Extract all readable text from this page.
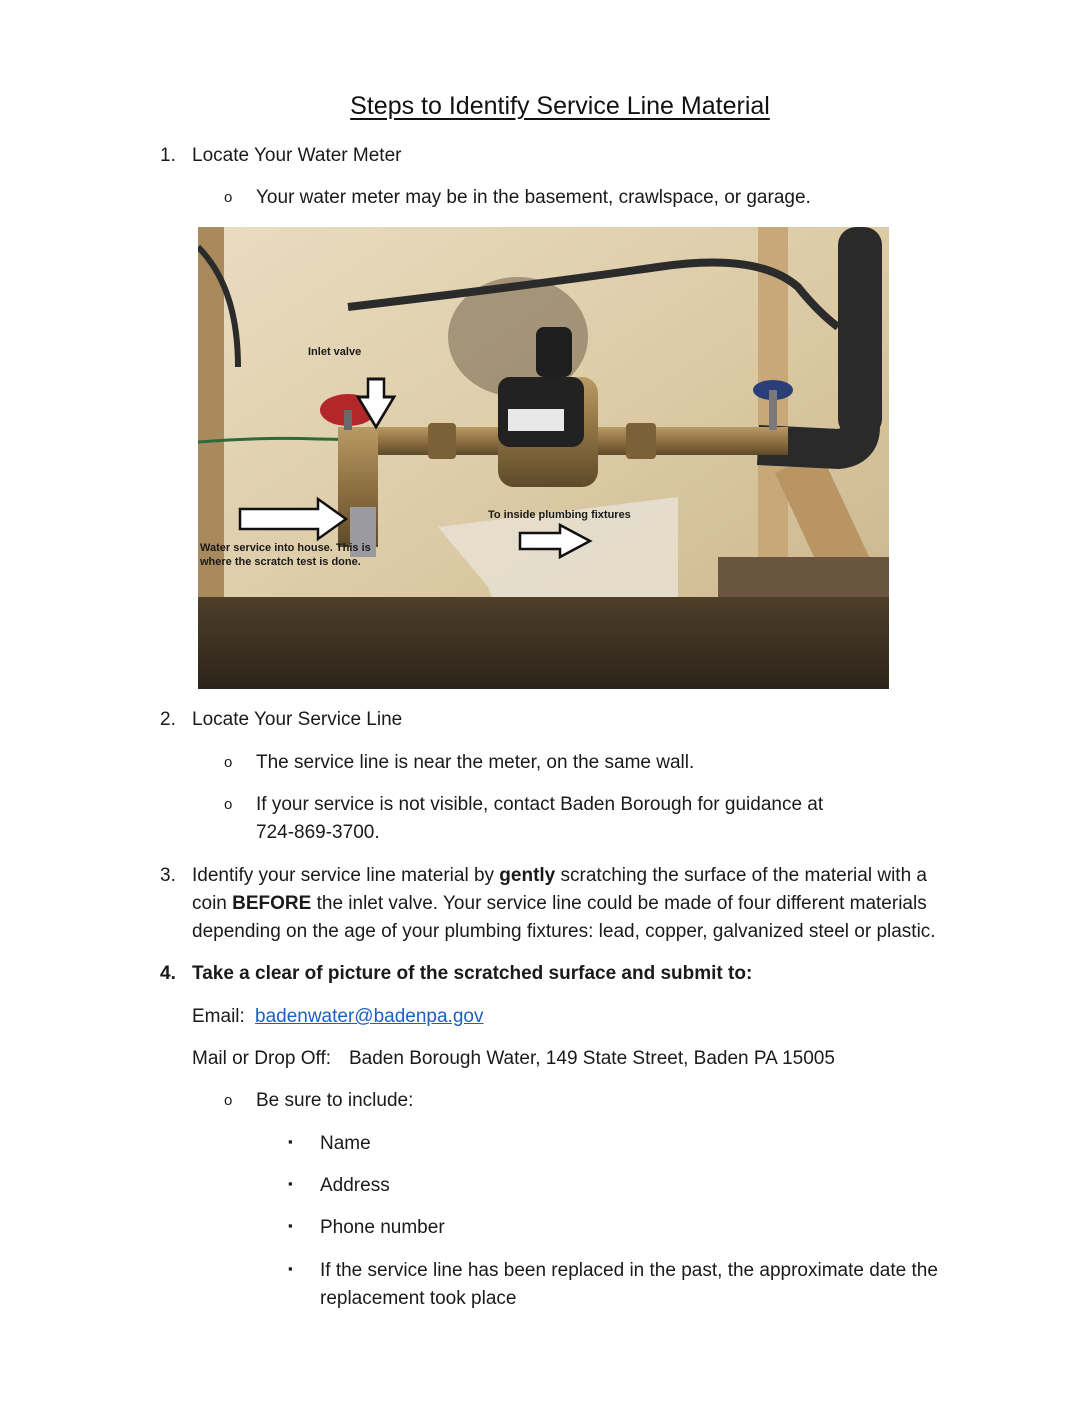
Steps to Identify Service Line Material
1. Locate Your Water Meter
o Your water meter may be in the basement, crawlspace, or garage.
Inlet valve
Water service into house. This is
where the scratch test is done.
To inside plumbing fixtures
2. Locate Your Service Line
o The service line is near the meter, on the same wall.
o If your service is not visible, contact Baden Borough for guidance at
724-869-3700.
3. Identify your service line material by gently scratching the surface of the material with a
coin BEFORE the inlet valve. Your service line could be made of four different materials
depending on the age of your plumbing fixtures: lead, copper, galvanized steel or plastic.
4. Take a clear of picture of the scratched surface and submit to:
Email: badenwater@badenpa.gov
Mail or Drop Off: Baden Borough Water, 149 State Street, Baden PA 15005
o Be sure to include:
▪ Name
▪ Address
▪ Phone number
▪ If the service line has been replaced in the past, the approximate date the
replacement took place
